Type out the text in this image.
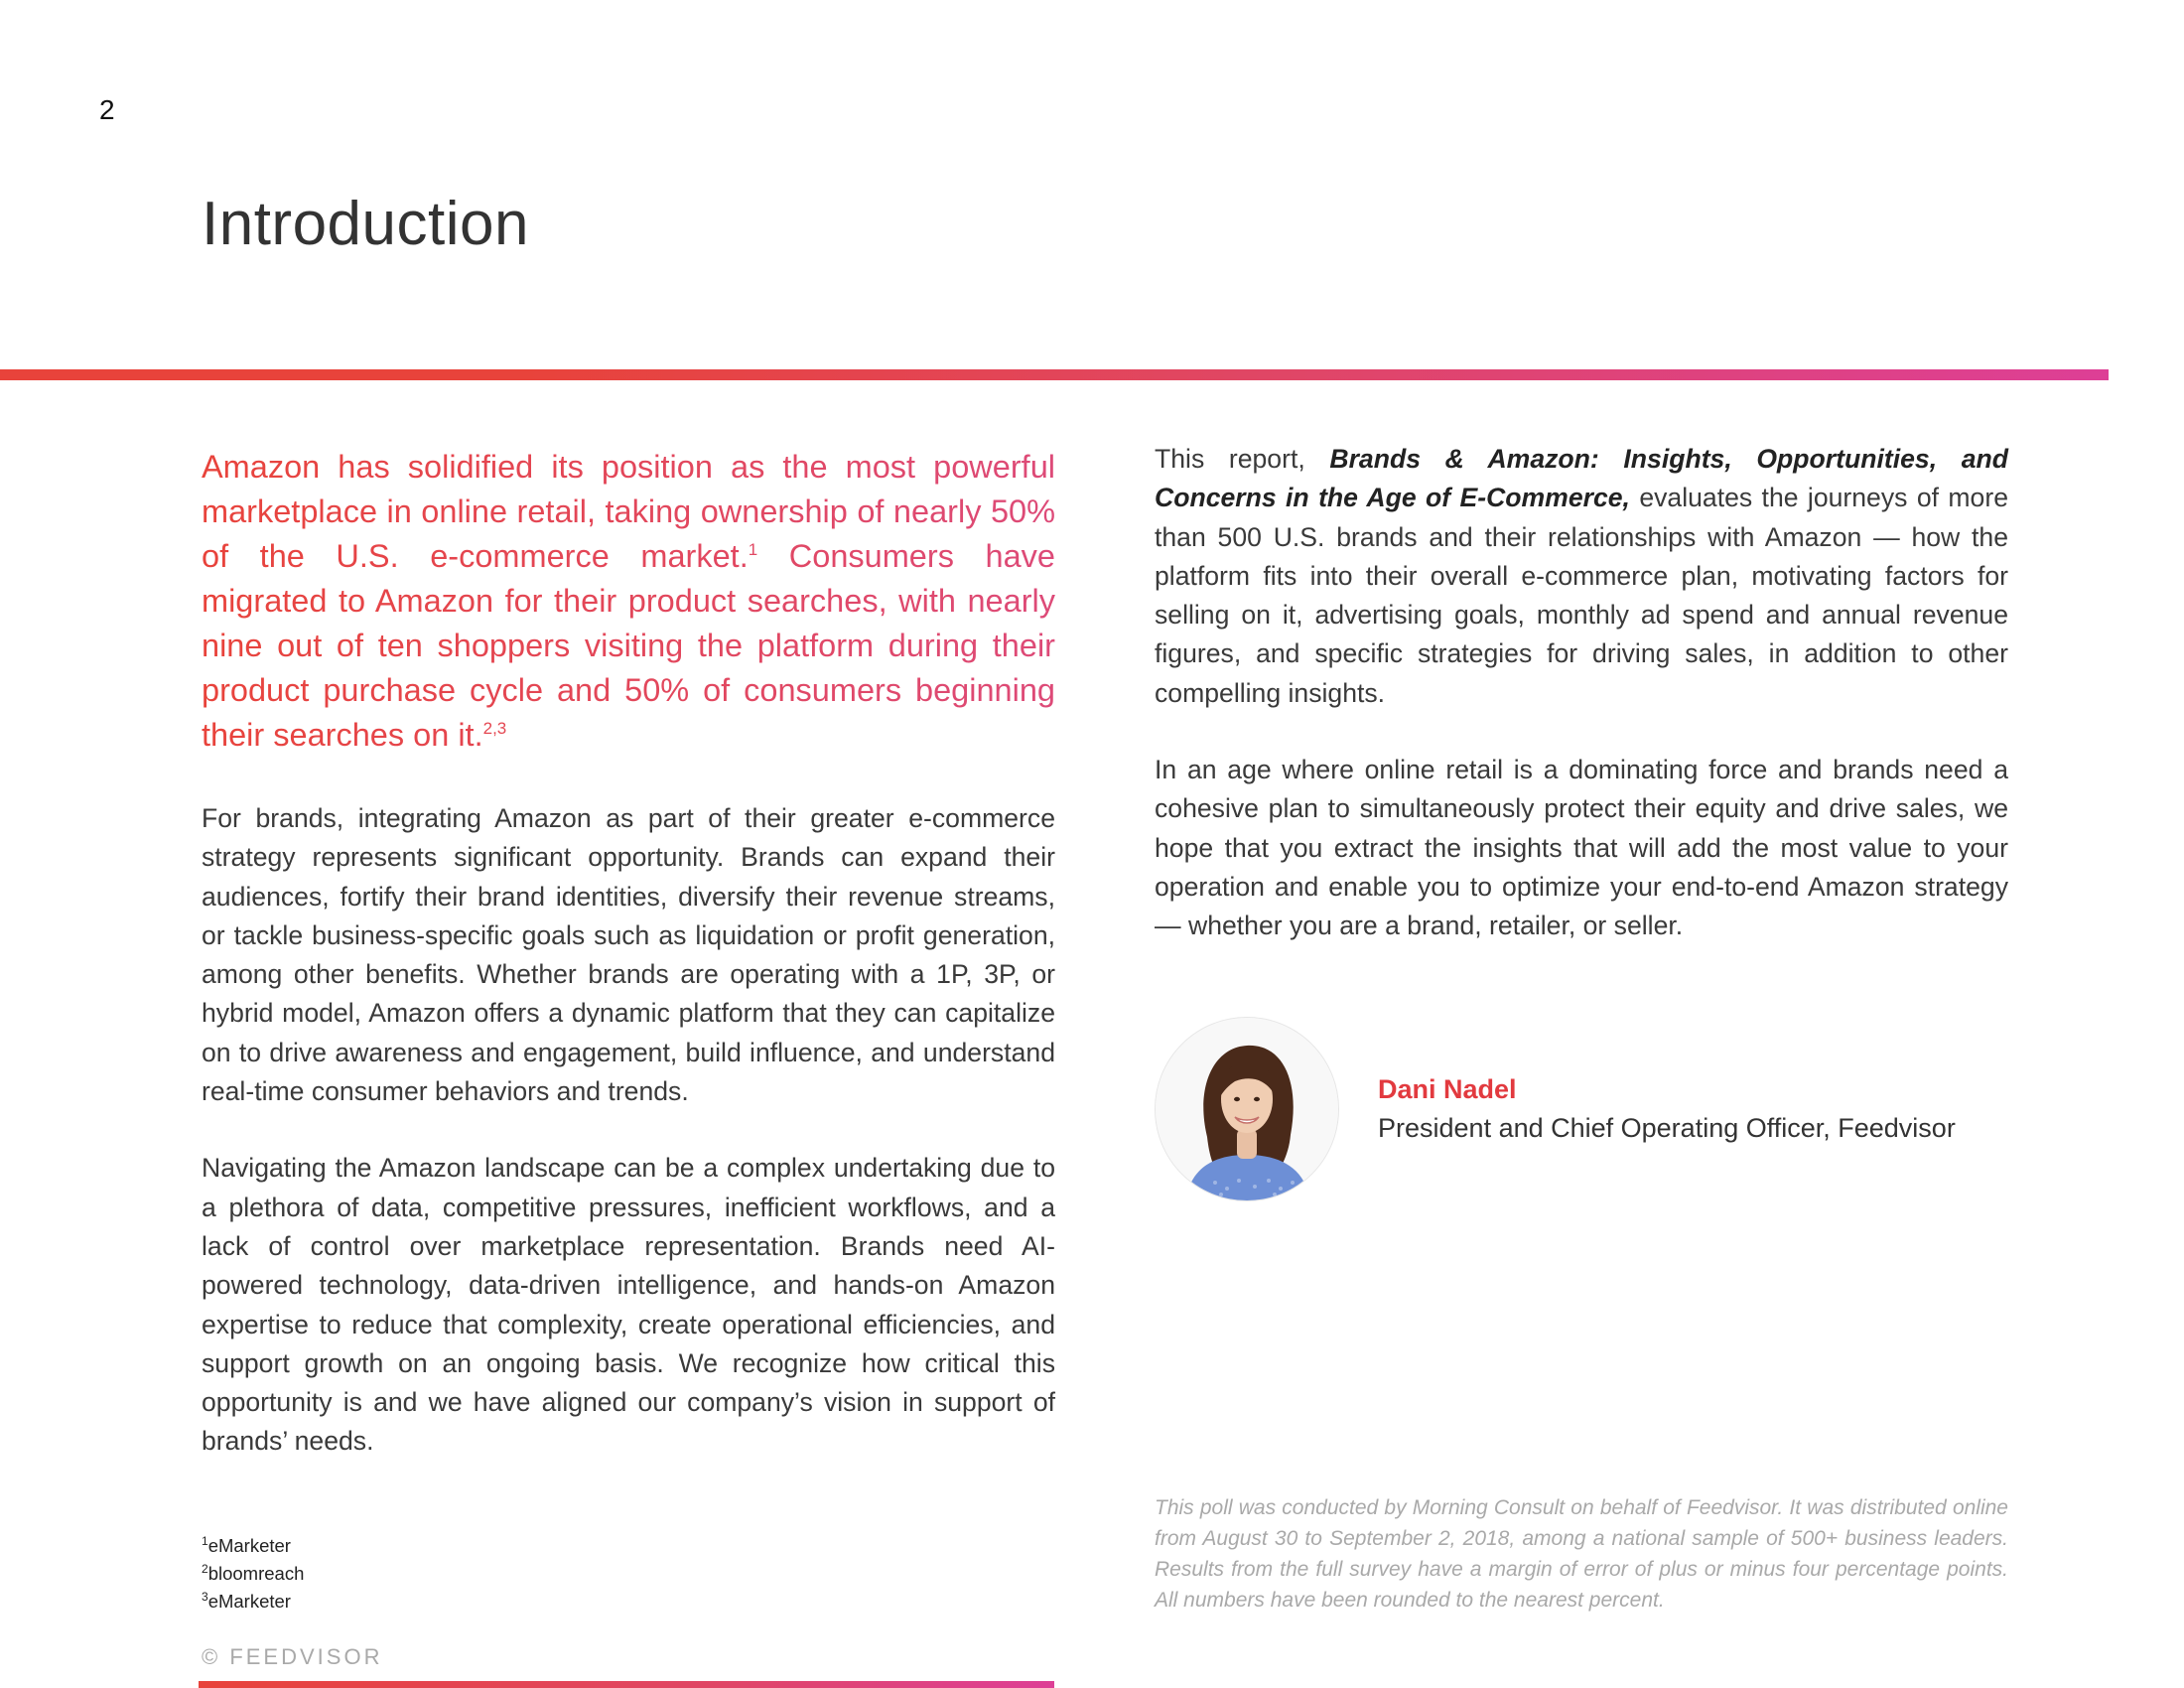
2
Introduction

Amazon has solidified its position as the most powerful marketplace in online retail, taking ownership of nearly 50% of the U.S. e-commerce market.$^1$ Consumers have migrated to Amazon for their product searches, with nearly nine out of ten shoppers visiting the platform during their product purchase cycle and 50% of consumers beginning their searches on it.$^{2,3}$

For brands, integrating Amazon as part of their greater e-commerce strategy represents significant opportunity. Brands can expand their audiences, fortify their brand identities, diversify their revenue streams, or tackle business-specific goals such as liquidation or profit generation, among other benefits. Whether brands are operating with a 1P, 3P, or hybrid model, Amazon offers a dynamic platform that they can capitalize on to drive awareness and engagement, build influence, and understand real-time consumer behaviors and trends.

Navigating the Amazon landscape can be a complex undertaking due to a plethora of data, competitive pressures, inefficient workflows, and a lack of control over marketplace representation. Brands need AI-powered technology, data-driven intelligence, and hands-on Amazon expertise to reduce that complexity, create operational efficiencies, and support growth on an ongoing basis. We recognize how critical this opportunity is and we have aligned our company’s vision in support of brands’ needs.

This report, Brands & Amazon: Insights, Opportunities, and Concerns in the Age of E-Commerce, evaluates the journeys of more than 500 U.S. brands and their relationships with Amazon — how the platform fits into their overall e-commerce plan, motivating factors for selling on it, advertising goals, monthly ad spend and annual revenue figures, and specific strategies for driving sales, in addition to other compelling insights.

In an age where online retail is a dominating force and brands need a cohesive plan to simultaneously protect their equity and drive sales, we hope that you extract the insights that will add the most value to your operation and enable you to optimize your end-to-end Amazon strategy — whether you are a brand, retailer, or seller.

Dani Nadel
President and Chief Operating Officer, Feedvisor

This poll was conducted by Morning Consult on behalf of Feedvisor. It was distributed online from August 30 to September 2, 2018, among a national sample of 500+ business leaders. Results from the full survey have a margin of error of plus or minus four percentage points. All numbers have been rounded to the nearest percent.

$^1$eMarketer
$^2$bloomreach
$^3$eMarketer
© FEEDVISOR
